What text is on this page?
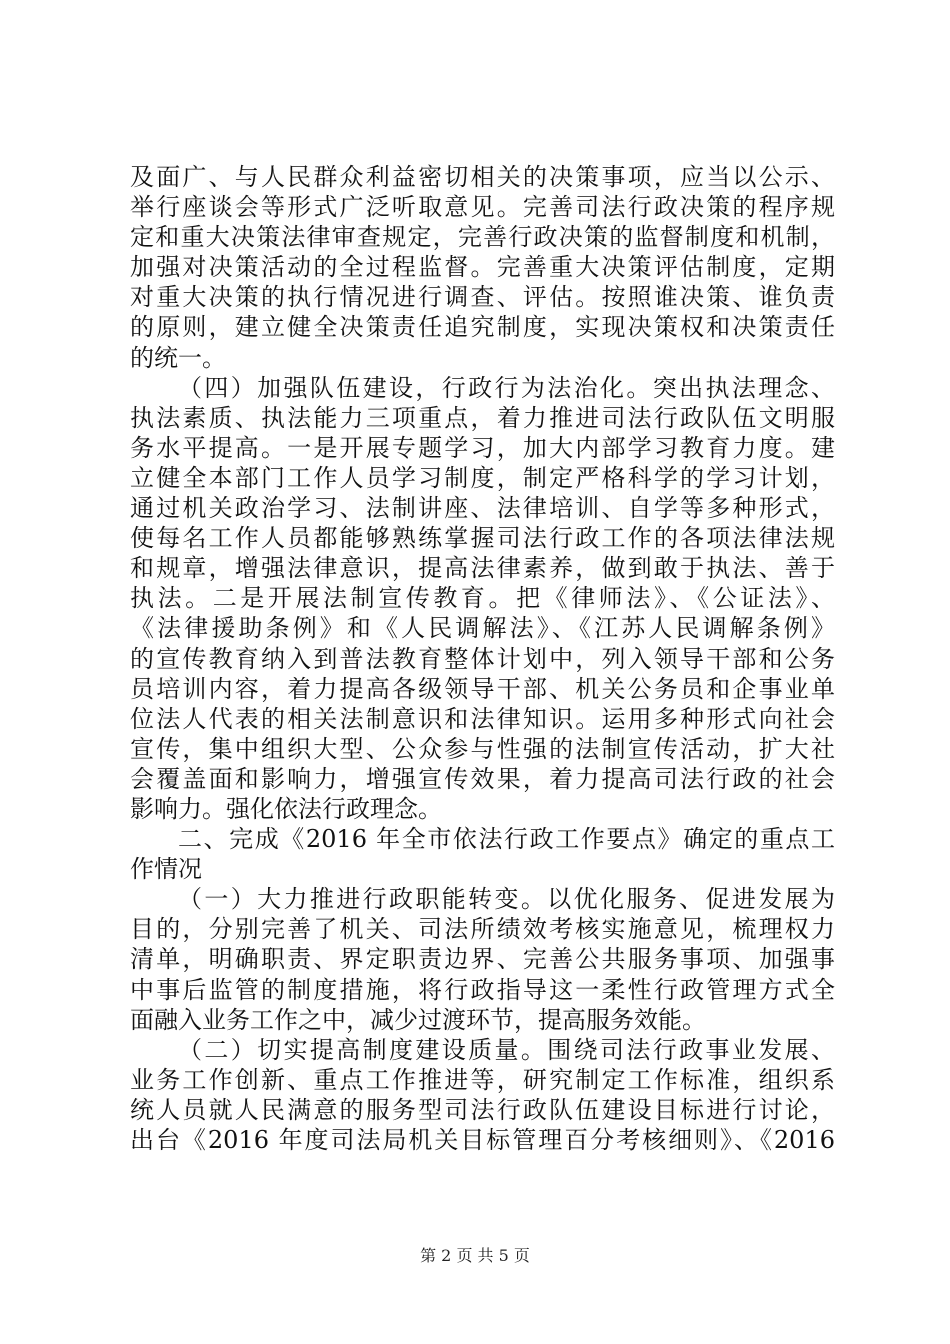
及面广、与人民群众利益密切相关的决策事项，应当以公示、
举行座谈会等形式广泛听取意见。完善司法行政决策的程序规
定和重大决策法律审查规定，完善行政决策的监督制度和机制，
加强对决策活动的全过程监督。完善重大决策评估制度，定期
对重大决策的执行情况进行调查、评估。按照谁决策、谁负责
的原则，建立健全决策责任追究制度，实现决策权和决策责任
的统一。
（四）加强队伍建设，行政行为法治化。突出执法理念、
执法素质、执法能力三项重点，着力推进司法行政队伍文明服
务水平提高。一是开展专题学习，加大内部学习教育力度。建
立健全本部门工作人员学习制度，制定严格科学的学习计划，
通过机关政治学习、法制讲座、法律培训、自学等多种形式，
使每名工作人员都能够熟练掌握司法行政工作的各项法律法规
和规章，增强法律意识，提高法律素养，做到敢于执法、善于
执法。二是开展法制宣传教育。把《律师法》、《公证法》、
《法律援助条例》和《人民调解法》、《江苏人民调解条例》
的宣传教育纳入到普法教育整体计划中，列入领导干部和公务
员培训内容，着力提高各级领导干部、机关公务员和企事业单
位法人代表的相关法制意识和法律知识。运用多种形式向社会
宣传，集中组织大型、公众参与性强的法制宣传活动，扩大社
会覆盖面和影响力，增强宣传效果，着力提高司法行政的社会
影响力。强化依法行政理念。
二、完成《2016 年全市依法行政工作要点》确定的重点工
作情况
（一）大力推进行政职能转变。以优化服务、促进发展为
目的，分别完善了机关、司法所绩效考核实施意见，梳理权力
清单，明确职责、界定职责边界、完善公共服务事项、加强事
中事后监管的制度措施，将行政指导这一柔性行政管理方式全
面融入业务工作之中，减少过渡环节，提高服务效能。
（二）切实提高制度建设质量。围绕司法行政事业发展、
业务工作创新、重点工作推进等，研究制定工作标准，组织系
统人员就人民满意的服务型司法行政队伍建设目标进行讨论，
出台《2016 年度司法局机关目标管理百分考核细则》、《2016
第 2 页 共 5 页
